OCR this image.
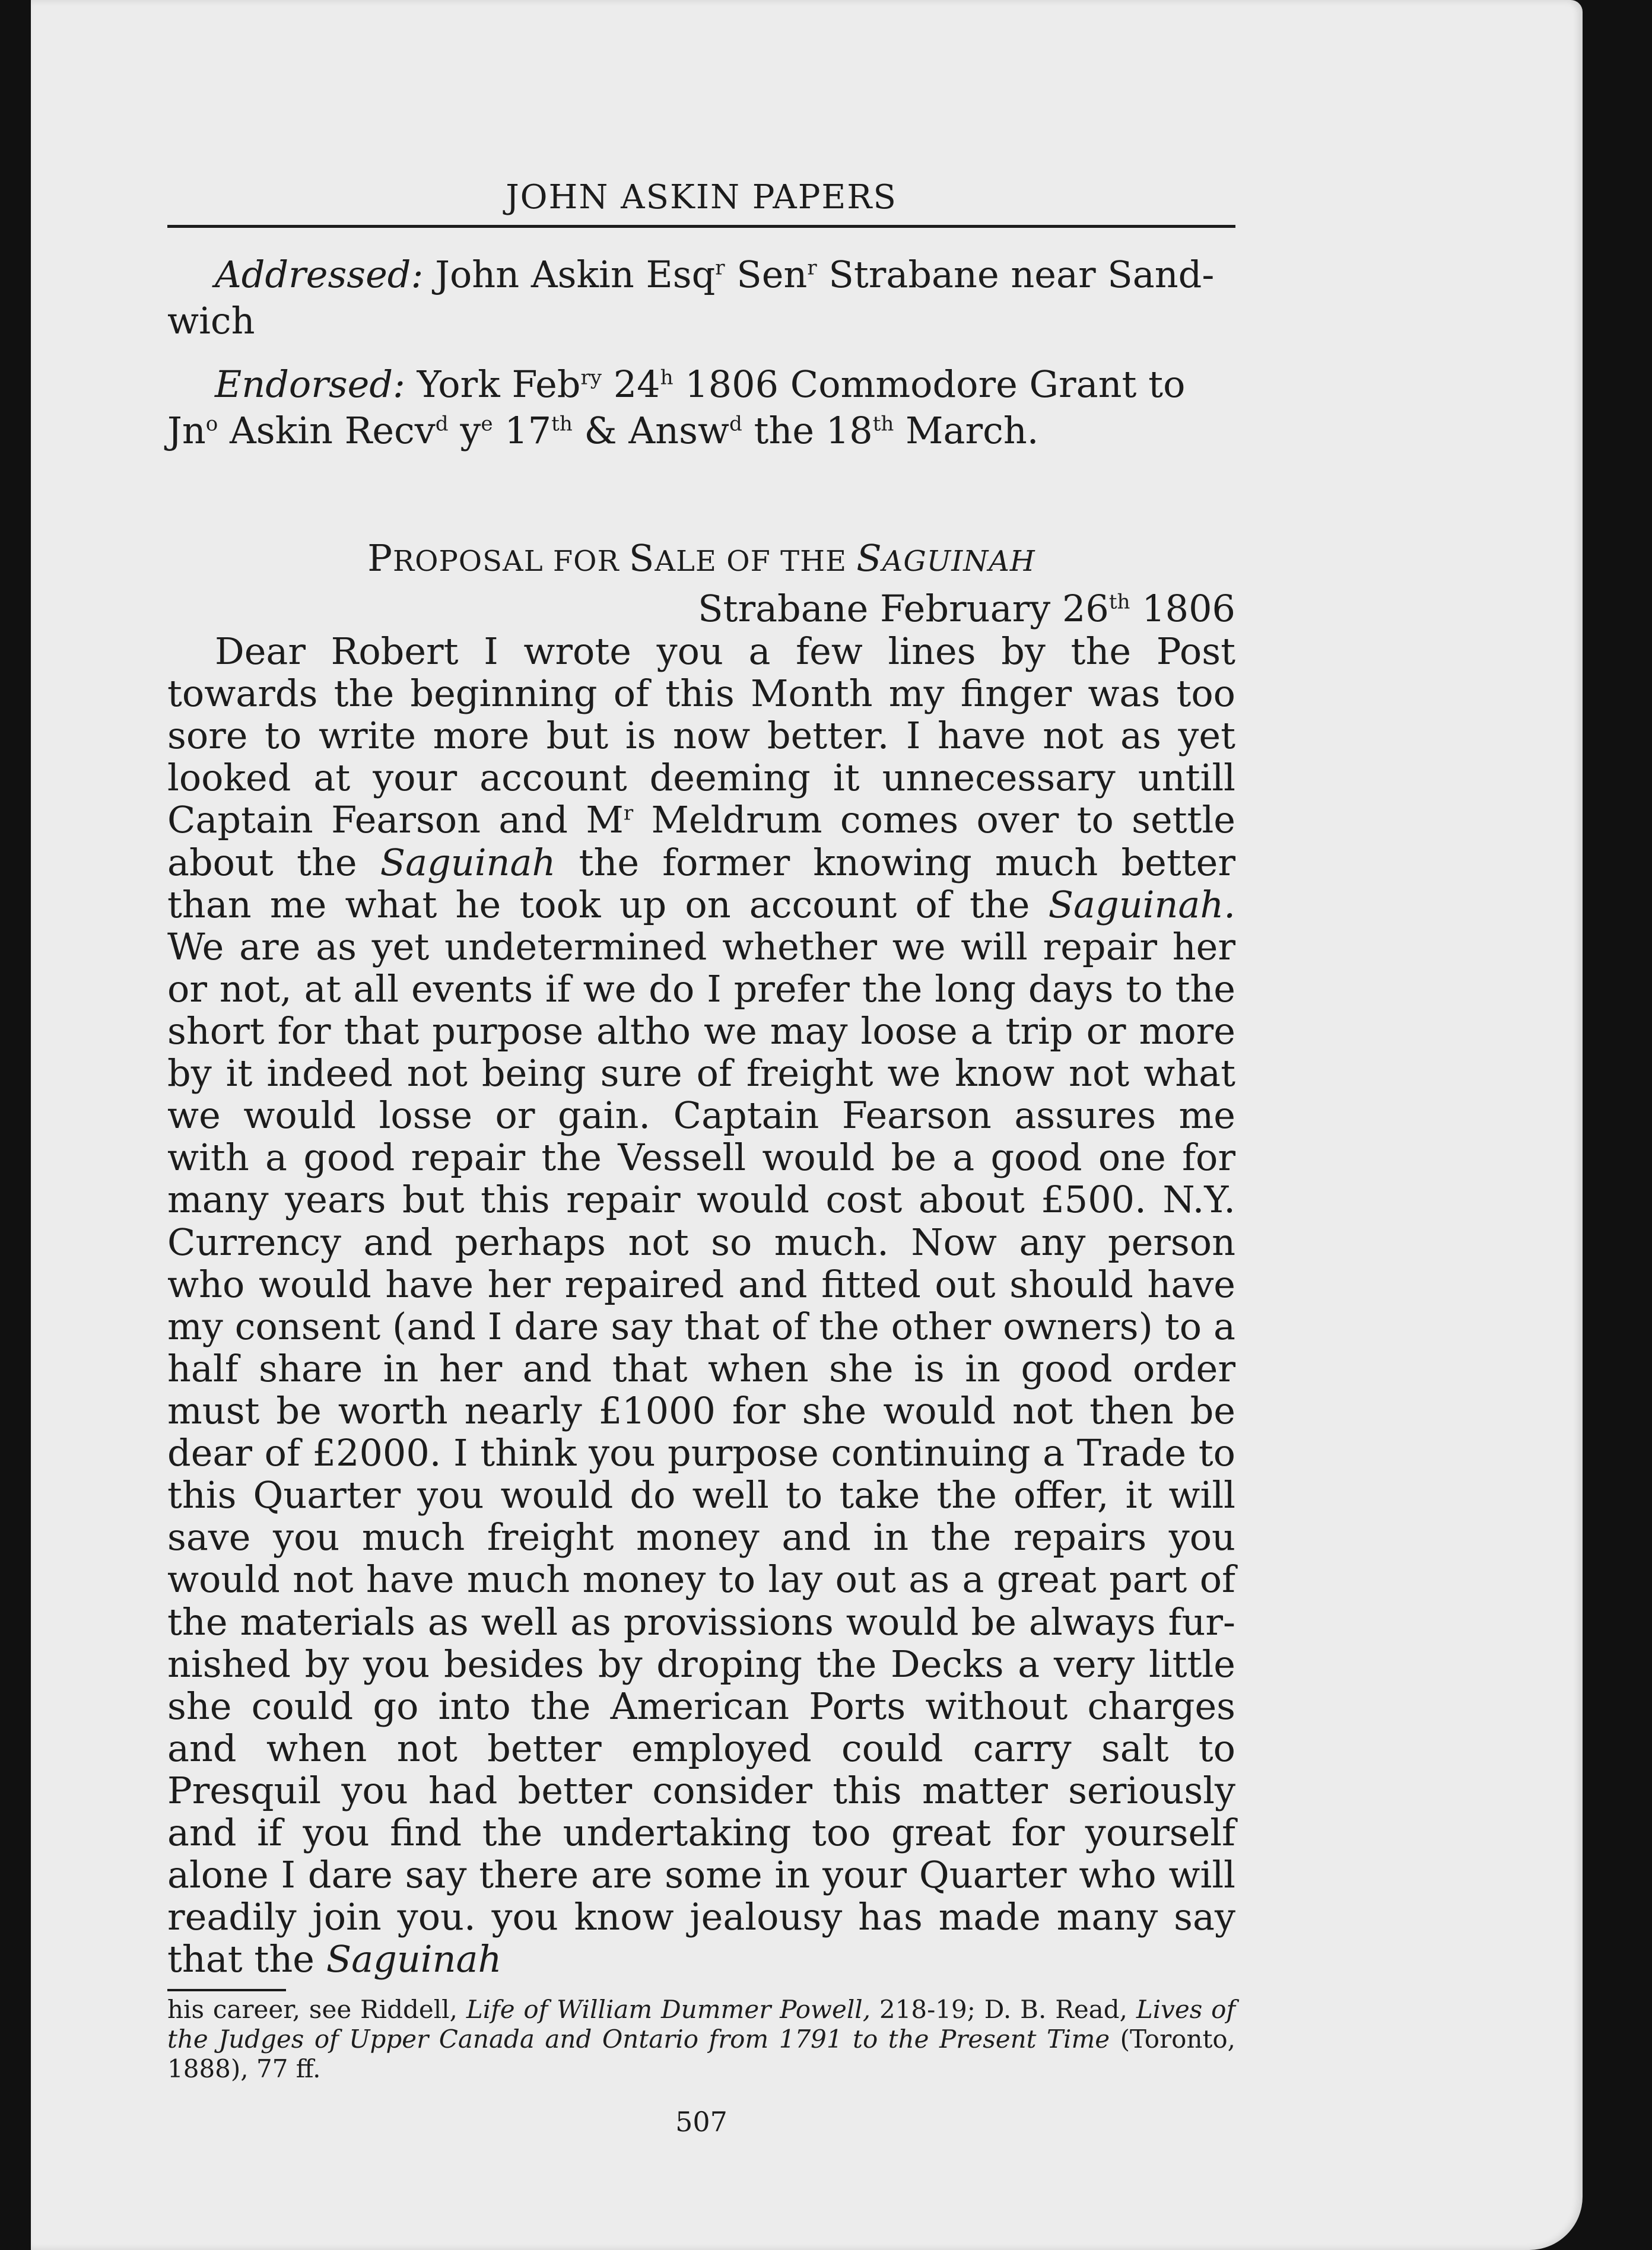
JOHN ASKIN PAPERS

Addressed: John Askin Esq$^r$ Sen$^r$ Strabane near Sand-
wich

Endorsed: York Feb$^{ry}$ 24$^h$ 1806 Commodore Grant to
Jn$^o$ Askin Recv$^d$ $y^e$ 17th & Answ$^d$ the 18th March.

PROPOSAL FOR SALE OF THE SAGUINAH
Strabane February 26th 1806

Dear Robert I wrote you a few lines by the Post towards the beginning of this Month my finger was too sore to write more but is now better. I have not as yet looked at your account deeming it unnecessary untill Captain Fearson and $M^r$ Meldrum comes over to settle about the Saguinah the former knowing much better than me what he took up on account of the Saguinah. We are as yet undetermined whether we will repair her or not, at all events if we do I prefer the long days to the short for that purpose altho we may loose a trip or more by it indeed not being sure of freight we know not what we would losse or gain. Captain Fearson assures me with a good repair the Vessell would be a good one for many years but this repair would cost about £500. N.Y. Currency and perhaps not so much. Now any person who would have her repaired and fitted out should have my consent (and I dare say that of the other owners) to a half share in her and that when she is in good order must be worth nearly £1000 for she would not then be dear of £2000. I think you purpose continuing a Trade to this Quarter you would do well to take the offer, it will save you much freight money and in the repairs you would not have much money to lay out as a great part of the materials as well as provissions would be always fur- nished by you besides by droping the Decks a very little she could go into the American Ports without charges and when not better employed could carry salt to Presquil you had better consider this matter seriously and if you find the undertaking too great for yourself alone I dare say there are some in your Quarter who will readily join you. you know jealousy has made many say that the Saguinah

his career, see Riddell, Life of William Dummer Powell, 218-19; D. B. Read, Lives of the Judges of Upper Canada and Ontario from 1791 to the Present Time (Toronto, 1888), 77 ff.

507
